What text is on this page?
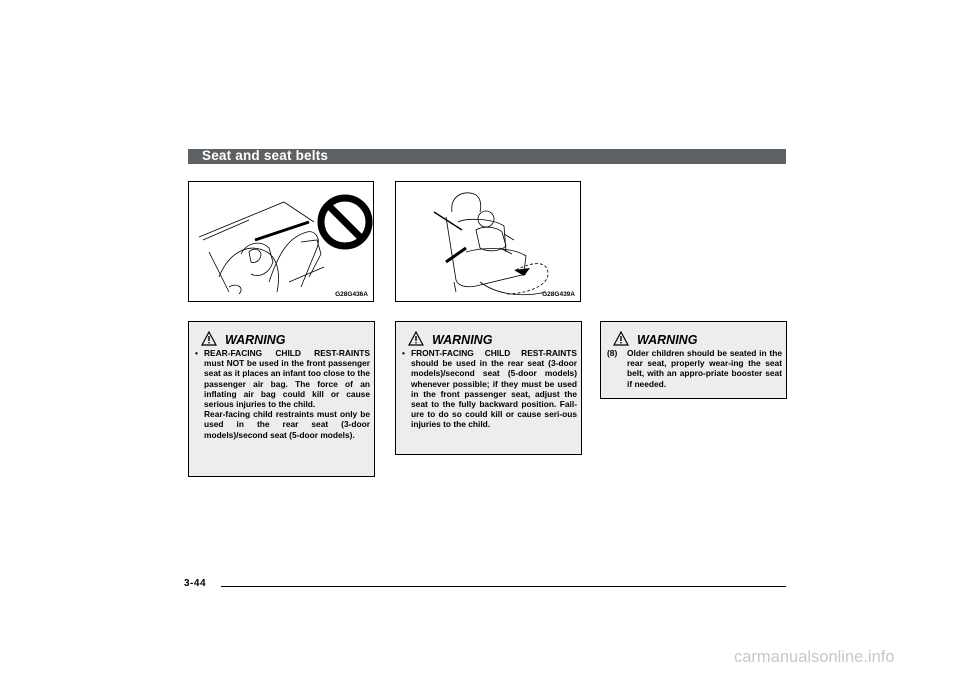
Seat and seat belts
G28G436A	G28G439A
WARNING
• REAR-FACING CHILD REST-RAINTS must NOT be used in the front passenger seat as it places an infant too close to the passenger air bag. The force of an inflating air bag could kill or cause serious injuries to the child.
Rear-facing child restraints must only be used in the rear seat (3-door models)/second seat (5-door models).
WARNING
• FRONT-FACING CHILD REST-RAINTS should be used in the rear seat (3-door models)/second seat (5-door models) whenever possible; if they must be used in the front passenger seat, adjust the seat to the fully backward position. Fail-ure to do so could kill or cause seri-ous injuries to the child.
WARNING
(8)	Older children should be seated in the rear seat, properly wear-ing the seat belt, with an appro-priate booster seat if needed.
3-44
carmanualsonline.info
